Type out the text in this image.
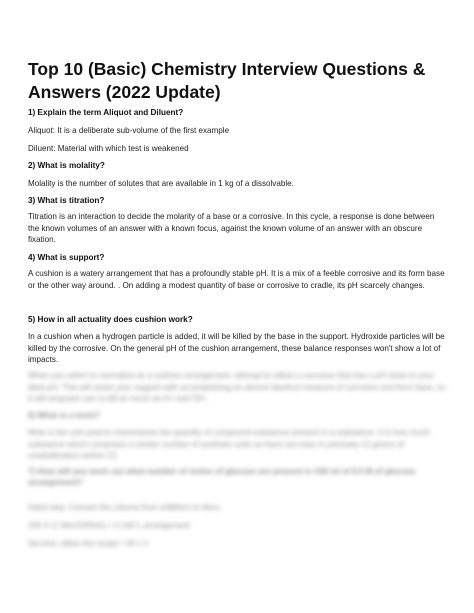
Top 10 (Basic) Chemistry Interview Questions & Answers (2022 Update)

1) Explain the term Aliquot and Diluent?

Aliquot: It is a deliberate sub-volume of the first example

Diluent: Material with which test is weakened

2) What is molality?

Molality is the number of solutes that are available in 1 kg of a dissolvable.

3) What is titration?

Titration is an interaction to decide the molarity of a base or a corrosive. In this cycle, a response is done between the known volumes of an answer with a known focus, against the known volume of an answer with an obscure fixation.

4) What is support?

A cushion is a watery arrangement that has a profoundly stable pH. It is a mix of a feeble corrosive and its form base or the other way around. . On adding a modest quantity of base or corrosive to cradle, its pH scarcely changes.

5) How in all actuality does cushion work?

In a cushion when a hydrogen particle is added, it will be killed by the base in the support. Hydroxide particles will be killed by the corrosive. On the general pH of the cushion arrangement, these balance responses won't show a lot of impacts.

When you select to normalize as a cushion arrangement, attempt to utilize a corrosive that has a pH close to your ideal pH. This will assist your support with accomplishing an almost identical measure of corrosive and form base, so it will empower you to kill as much as H+ and OH-.

6) What is a mole?

Mole is the unit used to characterize the quantity of compound substance present in a substance. It is how much substance which comprises a similar number of synthetic units as there are iotas in precisely 12 grams of unadulterated carbon-12.

7) How will you work out what number of moles of glucose are present in 100 ml of 0.5 M of glucose arrangement?

Initial step: Convert the volume from milliliters to liters.

100 X (1 liter/1000ml) = 0.100 L arrangement

Second, utilize the recipe = M x V
